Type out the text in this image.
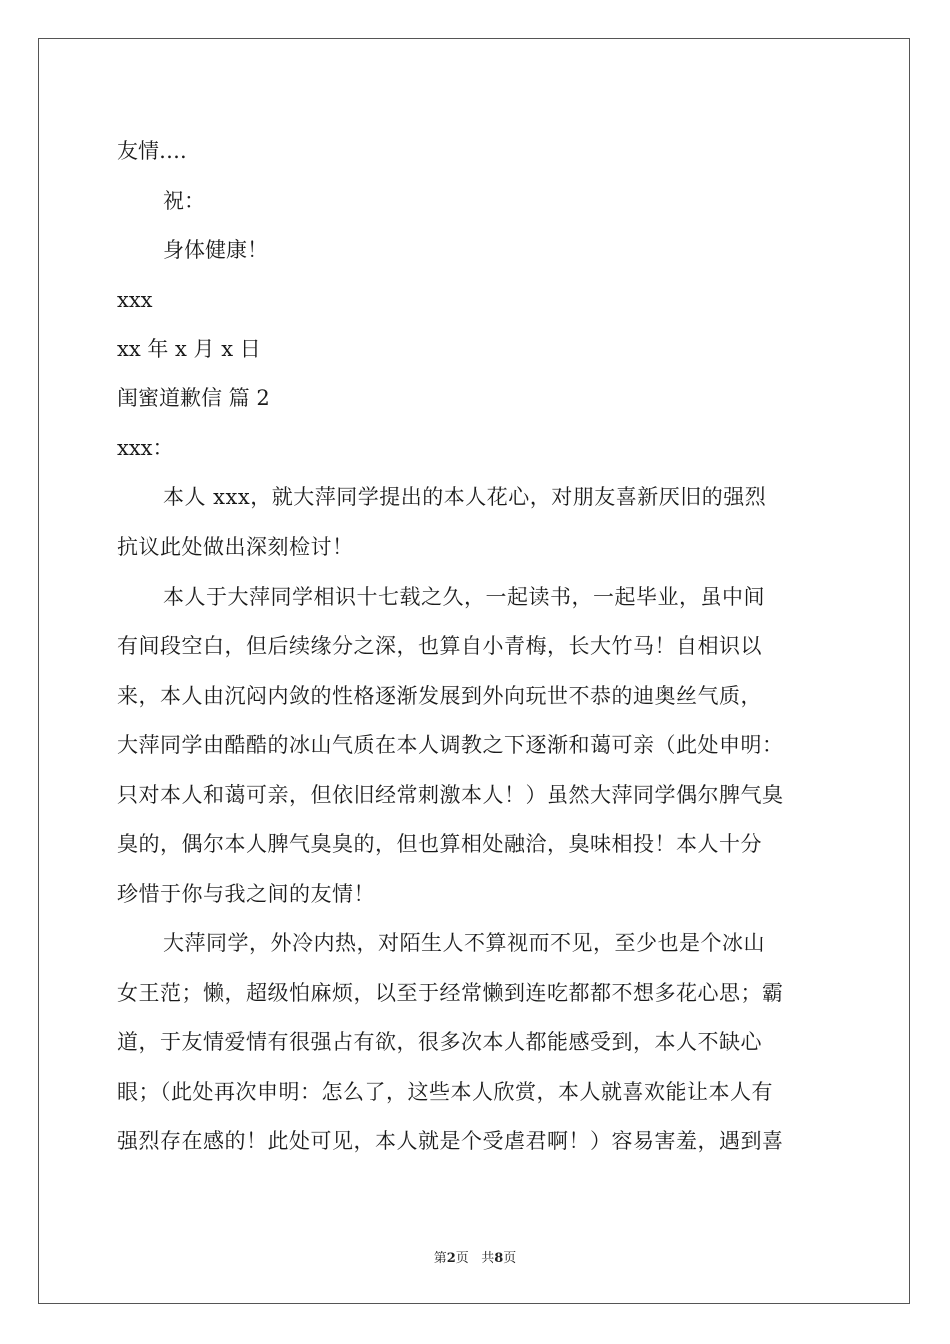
友情….
祝：
身体健康！
xxx
xx 年 x 月 x 日
闺蜜道歉信 篇 2
xxx：
本人 xxx，就大萍同学提出的本人花心，对朋友喜新厌旧的强烈
抗议此处做出深刻检讨！
本人于大萍同学相识十七载之久，一起读书，一起毕业，虽中间
有间段空白，但后续缘分之深，也算自小青梅，长大竹马！自相识以
来，本人由沉闷内敛的性格逐渐发展到外向玩世不恭的迪奥丝气质，
大萍同学由酷酷的冰山气质在本人调教之下逐渐和蔼可亲（此处申明：
只对本人和蔼可亲，但依旧经常刺激本人！）虽然大萍同学偶尔脾气臭
臭的，偶尔本人脾气臭臭的，但也算相处融洽，臭味相投！本人十分
珍惜于你与我之间的友情！
大萍同学，外冷内热，对陌生人不算视而不见，至少也是个冰山
女王范；懒，超级怕麻烦，以至于经常懒到连吃都都不想多花心思；霸
道，于友情爱情有很强占有欲，很多次本人都能感受到，本人不缺心
眼；（此处再次申明：怎么了，这些本人欣赏，本人就喜欢能让本人有
强烈存在感的！此处可见，本人就是个受虐君啊！）容易害羞，遇到喜
第2页 共8页
